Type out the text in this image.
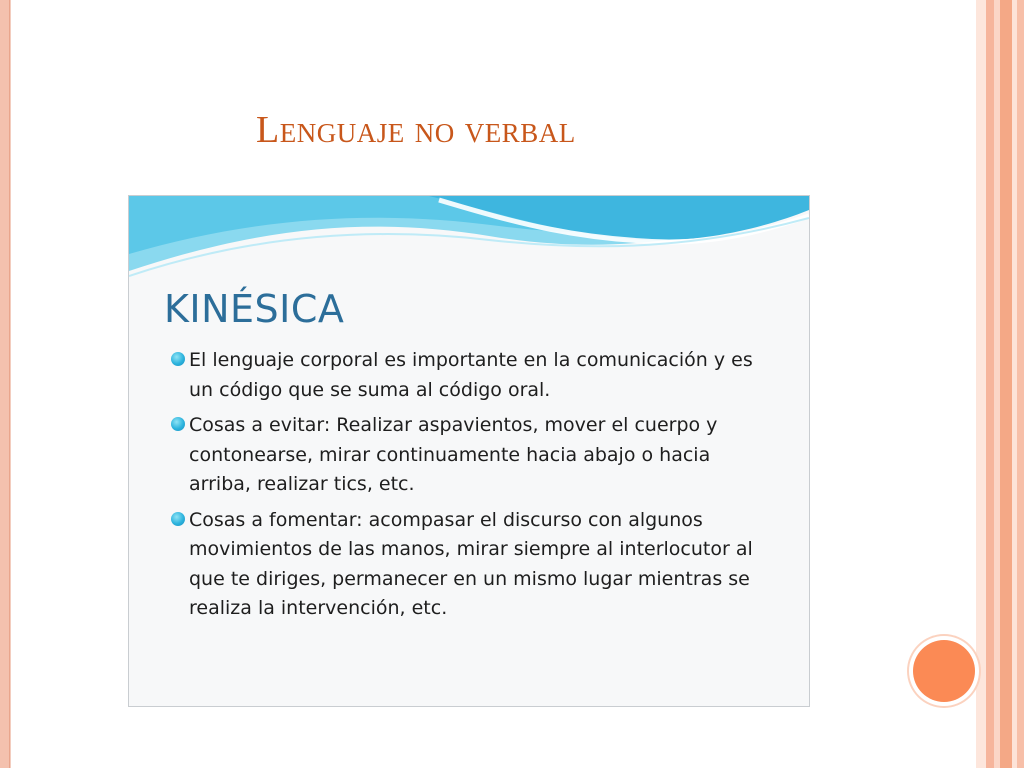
Lenguaje no verbal
KINÉSICA
El lenguaje corporal es importante en la comunicación y es un código que se suma al código oral.
Cosas a evitar: Realizar aspavientos, mover el cuerpo y contonearse, mirar continuamente hacia abajo o hacia arriba, realizar tics, etc.
Cosas a fomentar: acompasar el discurso con algunos movimientos de las manos, mirar siempre al interlocutor al que te diriges, permanecer en un mismo lugar mientras se realiza la intervención, etc.
